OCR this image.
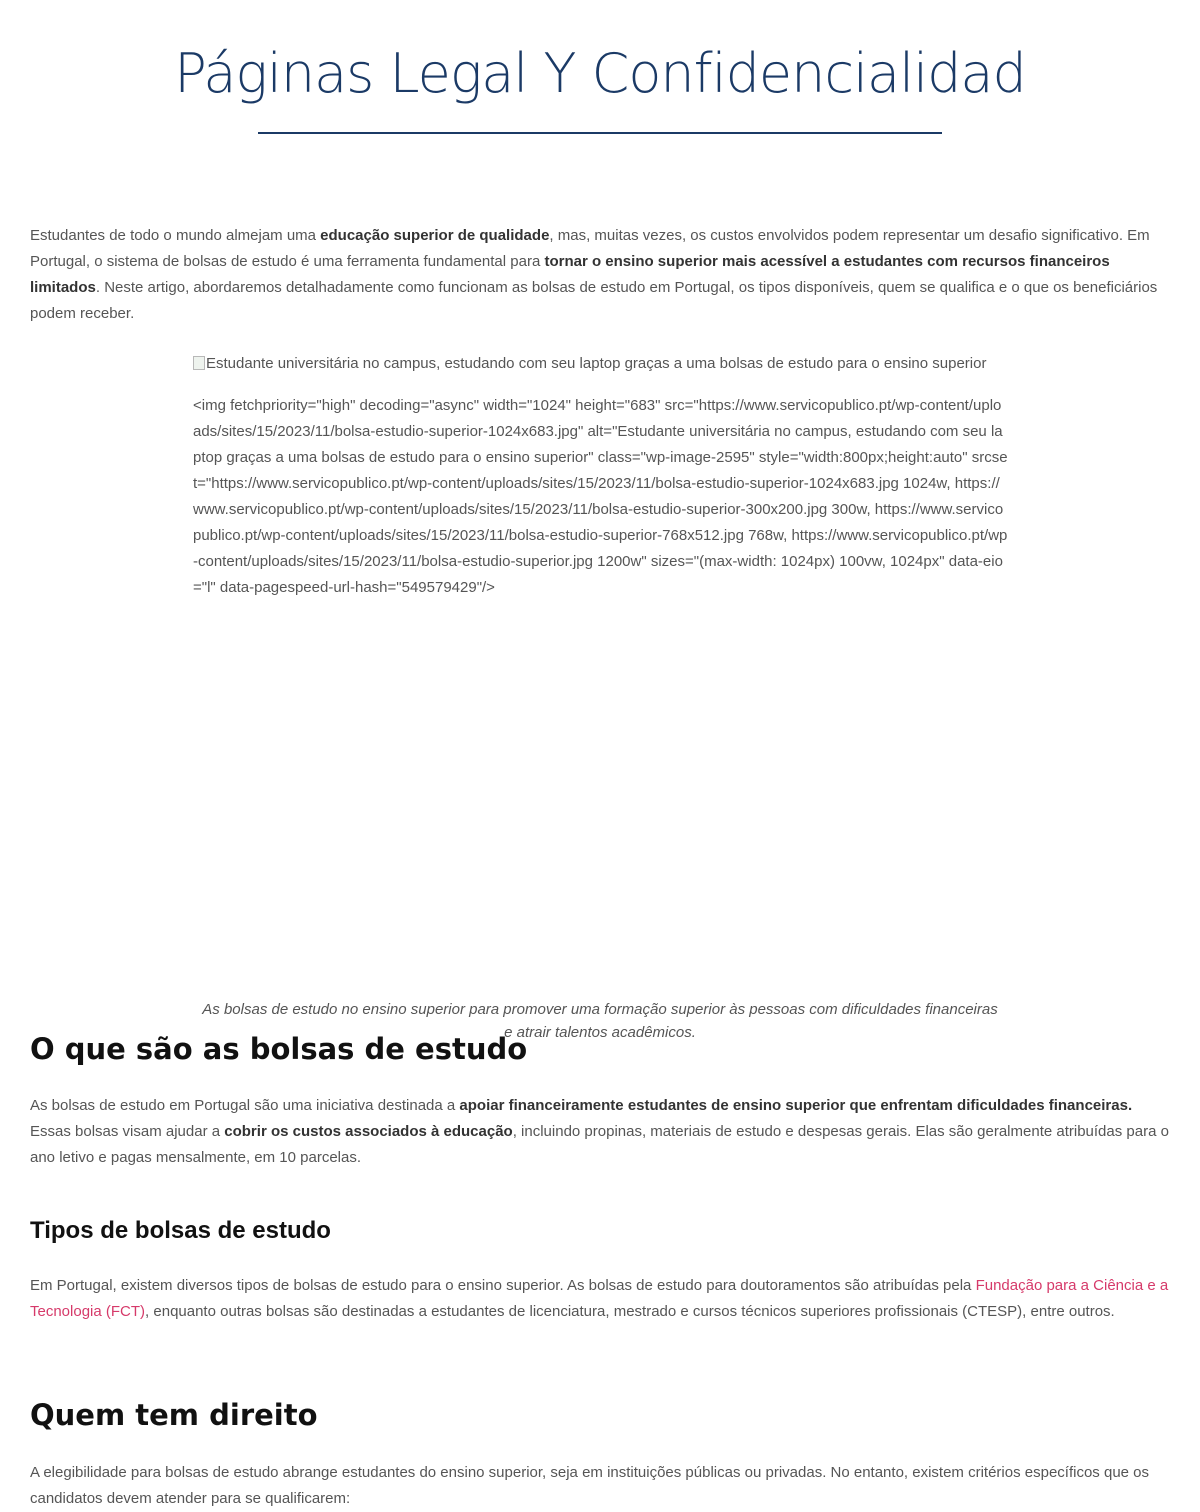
Páginas Legal Y Confidencialidad

Estudantes de todo o mundo almejam uma educação superior de qualidade, mas, muitas vezes, os custos envolvidos podem representar um desafio significativo. Em Portugal, o sistema de bolsas de estudo é uma ferramenta fundamental para tornar o ensino superior mais acessível a estudantes com recursos financeiros limitados. Neste artigo, abordaremos detalhadamente como funcionam as bolsas de estudo em Portugal, os tipos disponíveis, quem se qualifica e o que os beneficiários podem receber.

Estudante universitária no campus, estudando com seu laptop graças a uma bolsas de estudo para o ensino superior
<img fetchpriority="high" decoding="async" width="1024" height="683" src="https://www.servicopublico.pt/wp-content/uploads/sites/15/2023/11/bolsa-estudio-superior-1024x683.jpg" alt="Estudante universitária no campus, estudando com seu laptop graças a uma bolsas de estudo para o ensino superior" class="wp-image-2595" style="width:800px;height:auto" srcset="https://www.servicopublico.pt/wp-content/uploads/sites/15/2023/11/bolsa-estudio-superior-1024x683.jpg 1024w, https://www.servicopublico.pt/wp-content/uploads/sites/15/2023/11/bolsa-estudio-superior-300x200.jpg 300w, https://www.servicopublico.pt/wp-content/uploads/sites/15/2023/11/bolsa-estudio-superior-768x512.jpg 768w, https://www.servicopublico.pt/wp-content/uploads/sites/15/2023/11/bolsa-estudio-superior.jpg 1200w" sizes="(max-width: 1024px) 100vw, 1024px" data-eio="l" data-pagespeed-url-hash="549579429"/>
As bolsas de estudo no ensino superior para promover uma formação superior às pessoas com dificuldades financeiras e atrair talentos acadêmicos.
O que são as bolsas de estudo

As bolsas de estudo em Portugal são uma iniciativa destinada a apoiar financeiramente estudantes de ensino superior que enfrentam dificuldades financeiras. Essas bolsas visam ajudar a cobrir os custos associados à educação, incluindo propinas, materiais de estudo e despesas gerais. Elas são geralmente atribuídas para o ano letivo e pagas mensalmente, em 10 parcelas.

Tipos de bolsas de estudo

Em Portugal, existem diversos tipos de bolsas de estudo para o ensino superior. As bolsas de estudo para doutoramentos são atribuídas pela Fundação para a Ciência e a Tecnologia (FCT), enquanto outras bolsas são destinadas a estudantes de licenciatura, mestrado e cursos técnicos superiores profissionais (CTESP), entre outros.

Quem tem direito

A elegibilidade para bolsas de estudo abrange estudantes do ensino superior, seja em instituições públicas ou privadas. No entanto, existem critérios específicos que os candidatos devem atender para se qualificarem:
